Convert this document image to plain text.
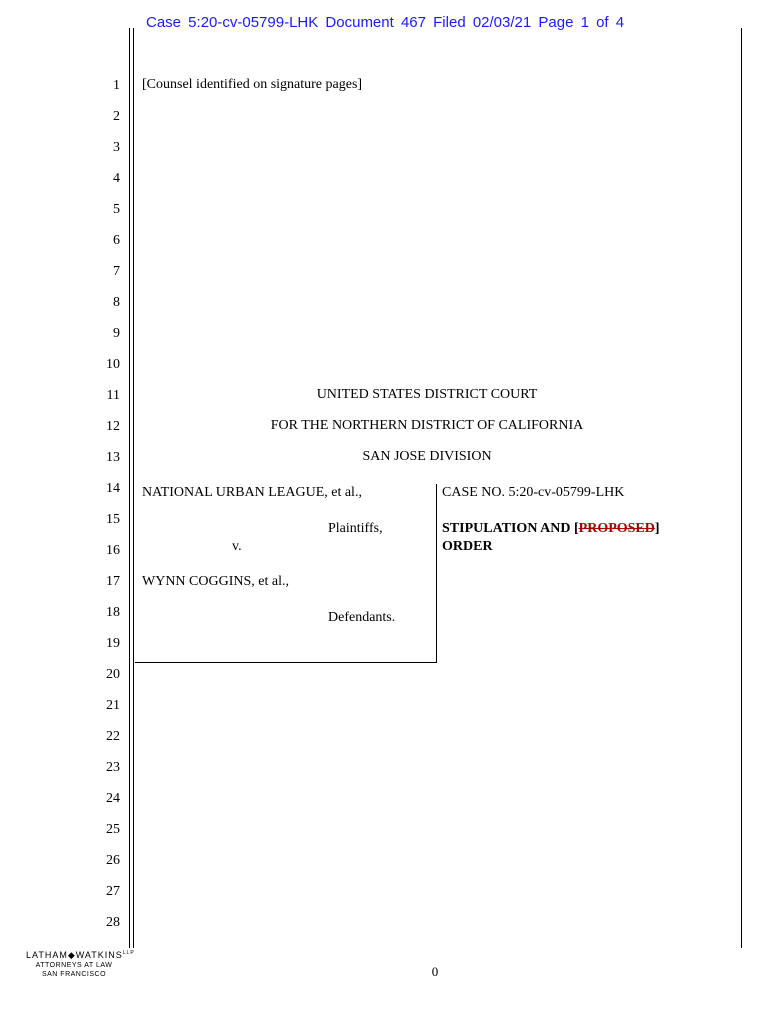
Case 5:20-cv-05799-LHK Document 467 Filed 02/03/21 Page 1 of 4
1
2
3
4
5
6
7
8
9
10
11
12
13
14
15
16
17
18
19
20
21
22
23
24
25
26
27
28
[Counsel identified on signature pages]
UNITED STATES DISTRICT COURT
FOR THE NORTHERN DISTRICT OF CALIFORNIA
SAN JOSE DIVISION
NATIONAL URBAN LEAGUE, et al.,
Plaintiffs,
v.
WYNN COGGINS, et al.,
Defendants.
CASE NO. 5:20-cv-05799-LHK
STIPULATION AND [PROPOSED]
ORDER
$LATHAM◆WATKINS^{LLP}$
ATTORNEYS AT LAW
SAN FRANCISCO	0
